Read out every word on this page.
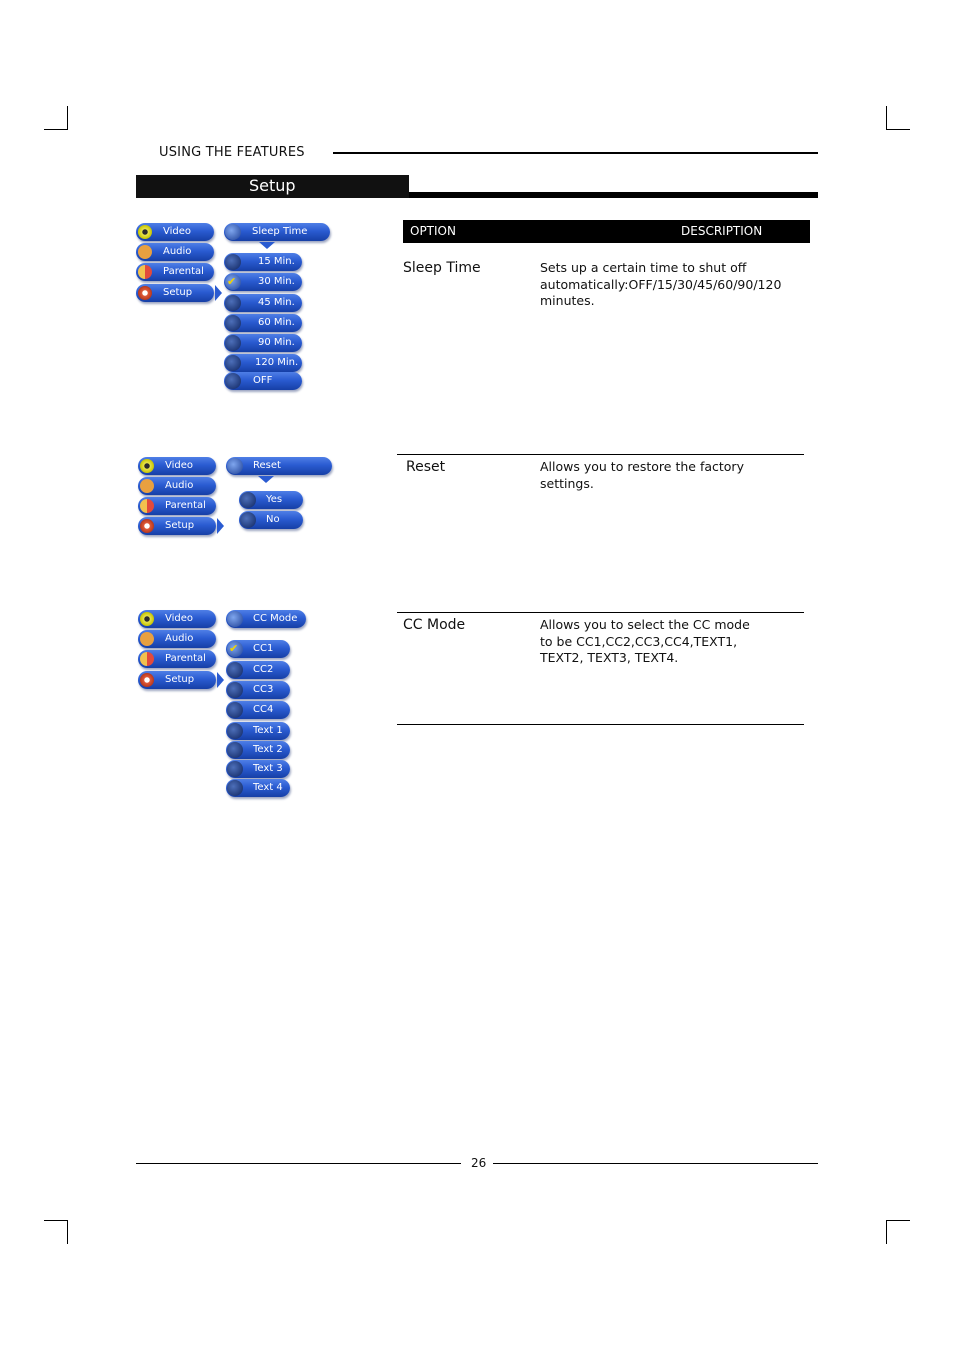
USING THE FEATURES
Setup
OPTION	DESCRIPTION
Sleep Time	Sets up a certain time to shut off automatically:OFF/15/30/45/60/90/120 minutes.
Reset	Allows you to restore the factory settings.
CC Mode	Allows you to select the CC mode to be CC1,CC2,CC3,CC4,TEXT1, TEXT2, TEXT3, TEXT4.
Video
Audio
Parental
Setup
Sleep Time
15 Min.
✔ 30 Min.
45 Min.
60 Min.
90 Min.
120 Min.
OFF
Video
Audio
Parental
Setup
Reset
Yes
No
Video
Audio
Parental
Setup
CC Mode
✔ CC1
CC2
CC3
CC4
Text 1
Text 2
Text 3
Text 4
26
